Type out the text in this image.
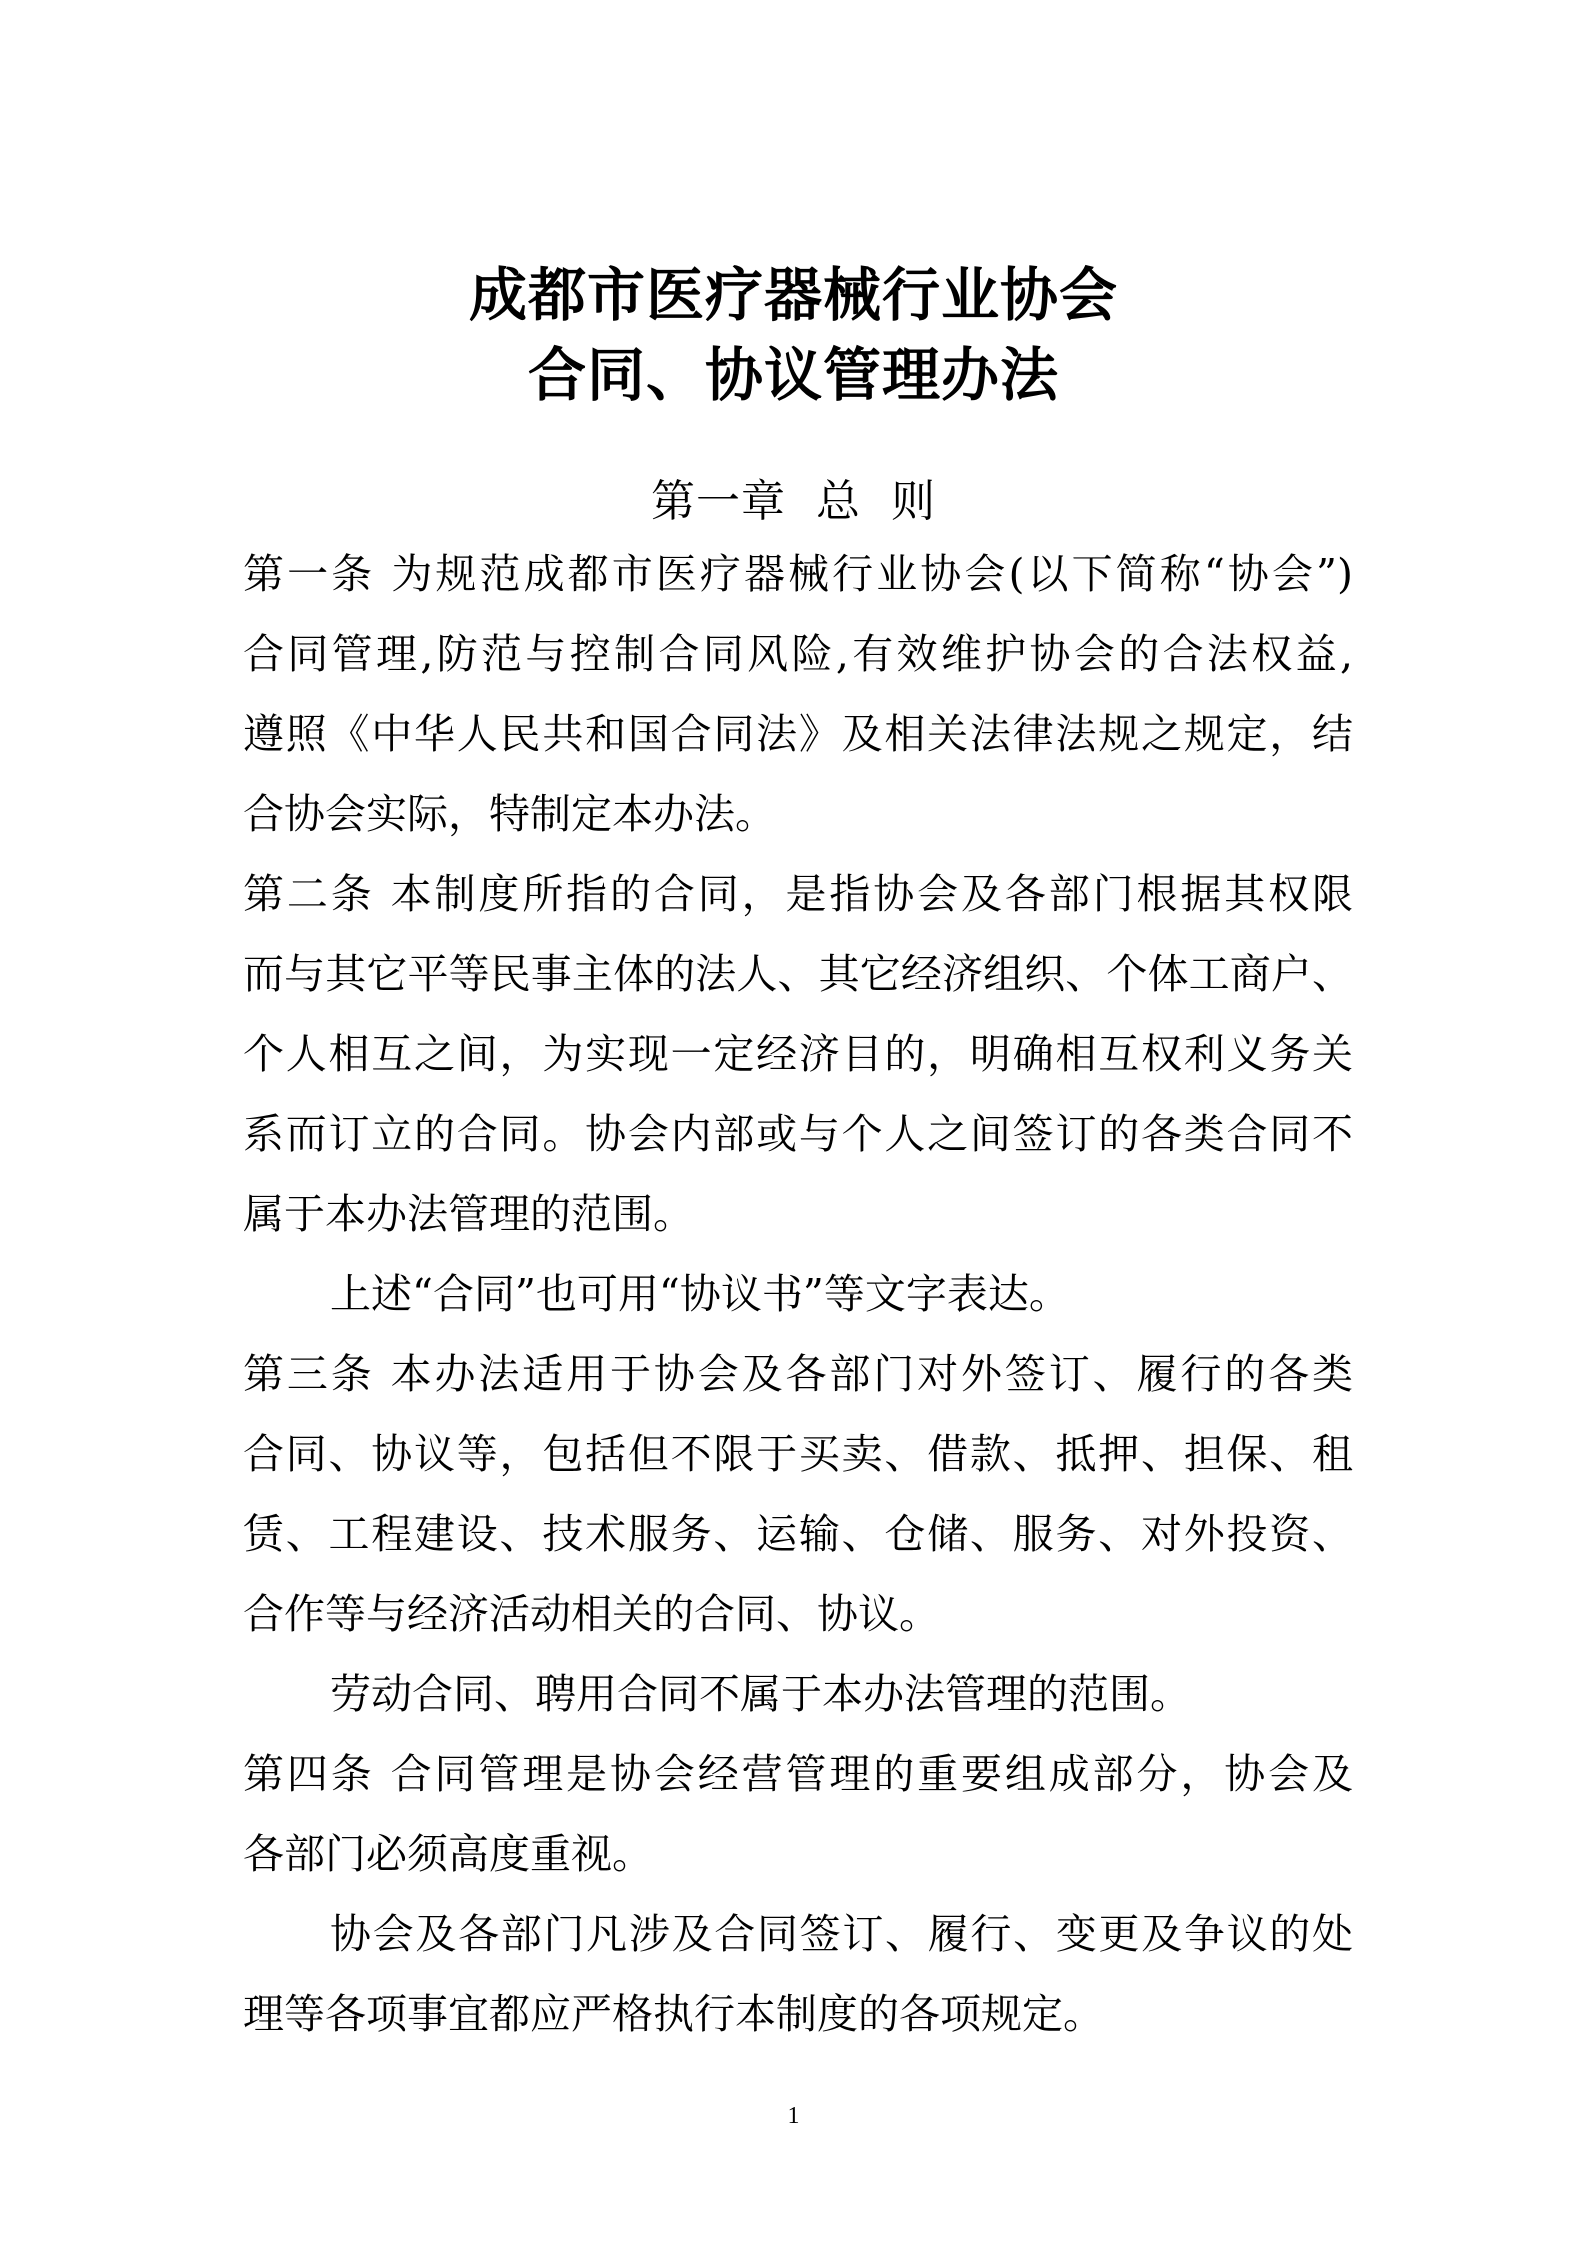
成都市医疗器械行业协会
合同、协议管理办法
第一章  总  则
第一条 为规范成都市医疗器械行业协会(以下简称“协会”)
合同管理,防范与控制合同风险,有效维护协会的合法权益,
遵照《中华人民共和国合同法》及相关法律法规之规定，结
合协会实际，特制定本办法。
第二条 本制度所指的合同，是指协会及各部门根据其权限
而与其它平等民事主体的法人、其它经济组织、个体工商户、
个人相互之间，为实现一定经济目的，明确相互权利义务关
系而订立的合同。协会内部或与个人之间签订的各类合同不
属于本办法管理的范围。
上述“合同”也可用“协议书”等文字表达。
第三条 本办法适用于协会及各部门对外签订、履行的各类
合同、协议等，包括但不限于买卖、借款、抵押、担保、租
赁、工程建设、技术服务、运输、仓储、服务、对外投资、
合作等与经济活动相关的合同、协议。
劳动合同、聘用合同不属于本办法管理的范围。
第四条 合同管理是协会经营管理的重要组成部分，协会及
各部门必须高度重视。
协会及各部门凡涉及合同签订、履行、变更及争议的处
理等各项事宜都应严格执行本制度的各项规定。
1
